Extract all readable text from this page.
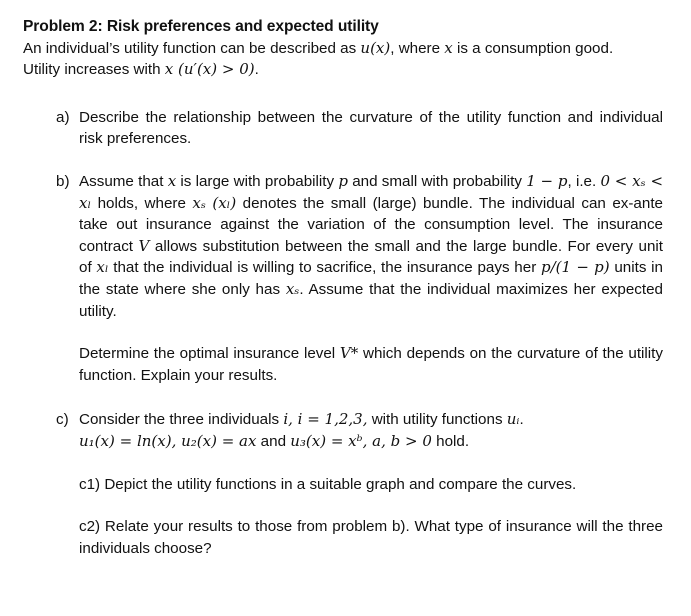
Problem 2: Risk preferences and expected utility

An individual’s utility function can be described as u(x), where x is a consumption good.
Utility increases with x (u′(x) > 0).

a) Describe the relationship between the curvature of the utility function and individual risk preferences.

b) Assume that x is large with probability p and small with probability 1 − p, i.e. 0 < xₛ < xₗ holds, where xₛ (xₗ) denotes the small (large) bundle. The individual can ex-ante take out insurance against the variation of the consumption level. The insurance contract V allows substitution between the small and the large bundle. For every unit of xₗ that the individual is willing to sacrifice, the insurance pays her p/(1 − p) units in the state where she only has xₛ. Assume that the individual maximizes her expected utility.

Determine the optimal insurance level V* which depends on the curvature of the utility function. Explain your results.

c) Consider the three individuals i, i = 1,2,3, with utility functions uᵢ.
u₁(x) = ln(x), u₂(x) = ax and u₃(x) = xᵇ, a, b > 0 hold.

c1) Depict the utility functions in a suitable graph and compare the curves.

c2) Relate your results to those from problem b). What type of insurance will the three individuals choose?
